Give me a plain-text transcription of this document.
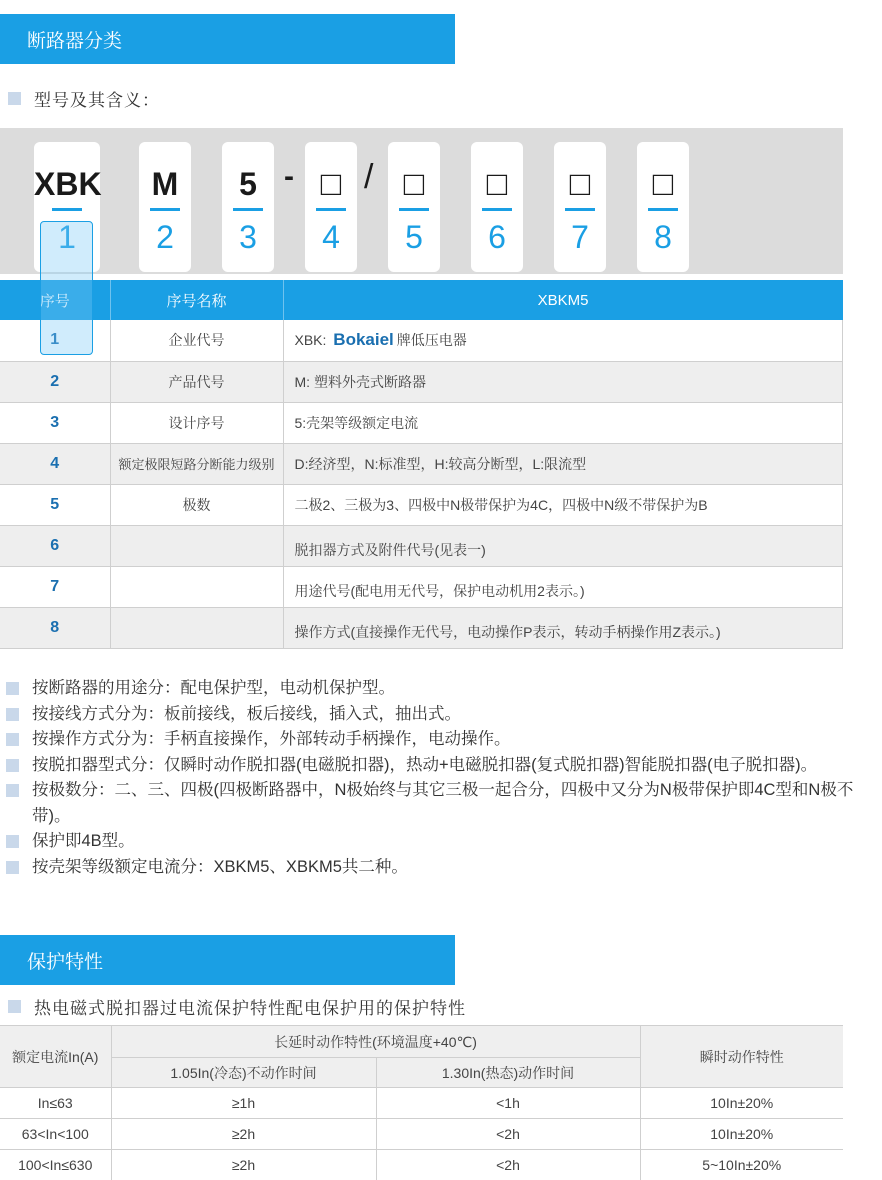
断路器分类
型号及其含义：
XBK
1
M
2
5
3
□
4
□
5
□
6
□
7
□
8
- /
序号	序号名称	XBKM5
1	企业代号	XBK: Bokaiel 牌低压电器
2	产品代号	M: 塑料外壳式断路器
3	设计序号	5:壳架等级额定电流
4	额定极限短路分断能力级别	D:经济型，N:标准型，H:较高分断型，L:限流型
5	极数	二极2、三极为3、四极中N极带保护为4C，四极中N级不带保护为B
6		脱扣器方式及附件代号(见表一)
7		用途代号(配电用无代号，保护电动机用2表示。)
8		操作方式(直接操作无代号，电动操作P表示，转动手柄操作用Z表示。)
按断路器的用途分：配电保护型，电动机保护型。
按接线方式分为：板前接线，板后接线，插入式，抽出式。
按操作方式分为：手柄直接操作，外部转动手柄操作，电动操作。
按脱扣器型式分：仅瞬时动作脱扣器(电磁脱扣器)，热动+电磁脱扣器(复式脱扣器)智能脱扣器(电子脱扣器)。
按极数分：二、三、四极(四极断路器中，N极始终与其它三极一起合分，四极中又分为N极带保护即4C型和N极不带)。
保护即4B型。
按壳架等级额定电流分：XBKM5、XBKM5共二种。
保护特性
热电磁式脱扣器过电流保护特性配电保护用的保护特性
额定电流In(A)	长延时动作特性(环境温度+40℃)		瞬时动作特性
	1.05In(冷态)不动作时间	1.30In(热态)动作时间	
In≤63	≥1h	<1h	10In±20%
63<In<100	≥2h	<2h	10In±20%
100<In≤630	≥2h	<2h	5~10In±20%
